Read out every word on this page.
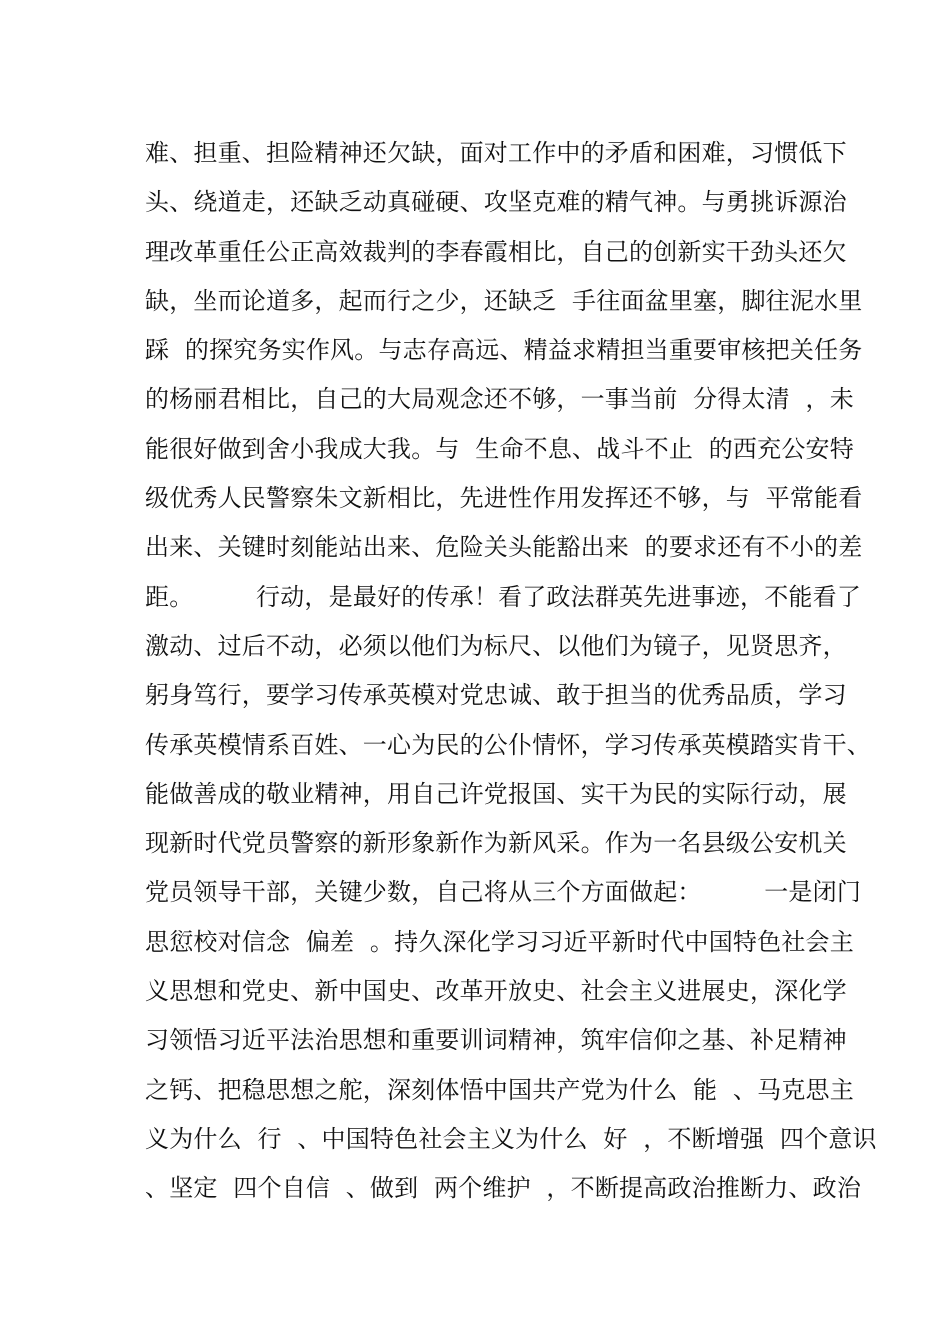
难、担重、担险精神还欠缺，面对工作中的矛盾和困难，习惯低下
头、绕道走，还缺乏动真碰硬、攻坚克难的精气神。与勇挑诉源治
理改革重任公正高效裁判的李春霞相比，自己的创新实干劲头还欠
缺，坐而论道多，起而行之少，还缺乏  手往面盆里塞，脚往泥水里
踩  的探究务实作风。与志存高远、精益求精担当重要审核把关任务
的杨丽君相比，自己的大局观念还不够，一事当前  分得太清  ，未
能很好做到舍小我成大我。与  生命不息、战斗不止  的西充公安特
级优秀人民警察朱文新相比，先进性作用发挥还不够，与  平常能看
出来、关键时刻能站出来、危险关头能豁出来  的要求还有不小的差
距。        行动，是最好的传承！看了政法群英先进事迹，不能看了
激动、过后不动，必须以他们为标尺、以他们为镜子，见贤思齐，
躬身笃行，要学习传承英模对党忠诚、敢于担当的优秀品质，学习
传承英模情系百姓、一心为民的公仆情怀，学习传承英模踏实肯干、
能做善成的敬业精神，用自己许党报国、实干为民的实际行动，展
现新时代党员警察的新形象新作为新风采。作为一名县级公安机关
党员领导干部，关键少数，自己将从三个方面做起：        一是闭门
思愆校对信念  偏差  。持久深化学习习近平新时代中国特色社会主
义思想和党史、新中国史、改革开放史、社会主义进展史，深化学
习领悟习近平法治思想和重要训词精神，筑牢信仰之基、补足精神
之钙、把稳思想之舵，深刻体悟中国共产党为什么  能  、马克思主
义为什么  行  、中国特色社会主义为什么  好  ，不断增强  四个意识
、坚定  四个自信  、做到  两个维护  ，不断提高政治推断力、政治
